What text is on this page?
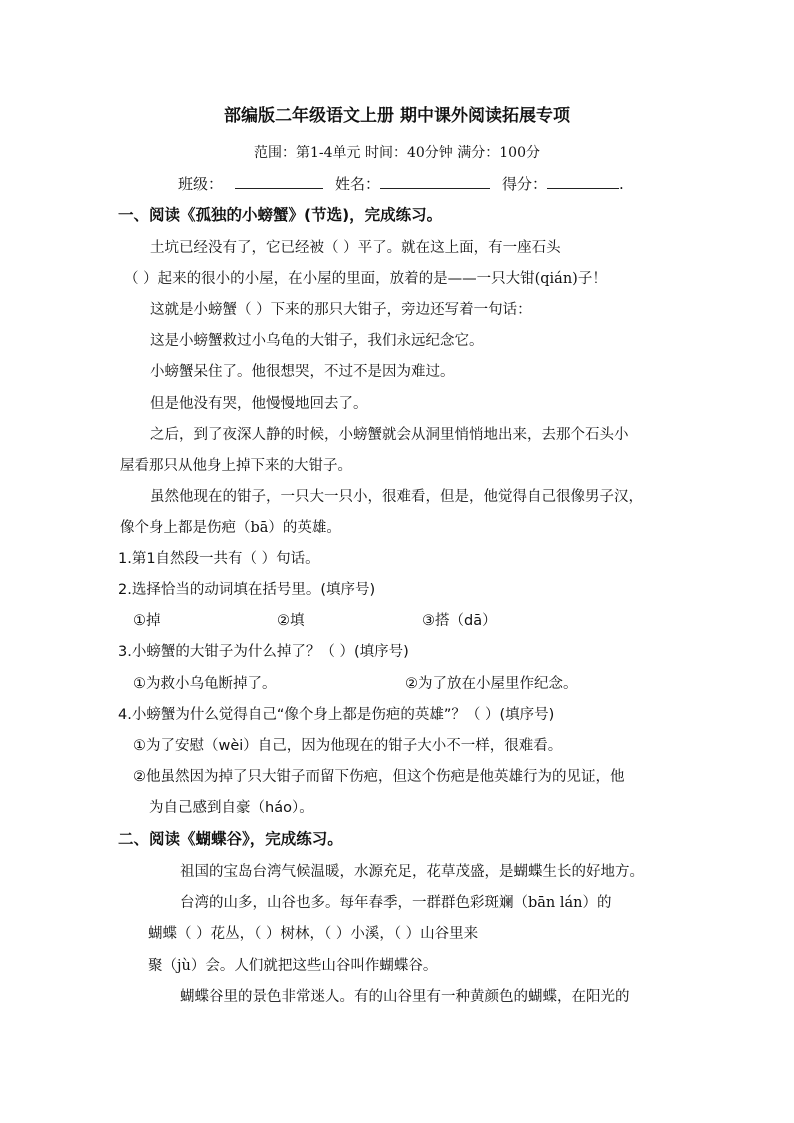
部编版二年级语文上册 期中课外阅读拓展专项
范围：第1-4单元 时间：40分钟 满分：100分
班级：	姓名：	得分：	.
一、阅读《孤独的小螃蟹》(节选)，完成练习。
土坑已经没有了，它已经被（ ）平了。就在这上面，有一座石头
（ ）起来的很小的小屋，在小屋的里面，放着的是——一只大钳(qián)子！
这就是小螃蟹（ ）下来的那只大钳子，旁边还写着一句话：
这是小螃蟹救过小乌龟的大钳子，我们永远纪念它。
小螃蟹呆住了。他很想哭，不过不是因为难过。
但是他没有哭，他慢慢地回去了。
之后，到了夜深人静的时候，小螃蟹就会从洞里悄悄地出来，去那个石头小
屋看那只从他身上掉下来的大钳子。
虽然他现在的钳子，一只大一只小，很难看，但是，他觉得自己很像男子汉，
像个身上都是伤疤（bā）的英雄。
1.第1自然段一共有（ ）句话。
2.选择恰当的动词填在括号里。(填序号)
①掉	②填	③搭（dā）
3.小螃蟹的大钳子为什么掉了？（ ）(填序号)
①为救小乌龟断掉了。	②为了放在小屋里作纪念。
4.小螃蟹为什么觉得自己“像个身上都是伤疤的英雄”？（ ）(填序号)
①为了安慰（wèi）自己，因为他现在的钳子大小不一样，很难看。
②他虽然因为掉了只大钳子而留下伤疤，但这个伤疤是他英雄行为的见证，他
为自己感到自豪（háo）。
二、阅读《蝴蝶谷》，完成练习。
祖国的宝岛台湾气候温暖，水源充足，花草茂盛，是蝴蝶生长的好地方。
台湾的山多，山谷也多。每年春季，一群群色彩斑斓（bān lán）的
蝴蝶（ ）花丛，（ ）树林，（ ）小溪，（ ）山谷里来
聚（jù）会。人们就把这些山谷叫作蝴蝶谷。
蝴蝶谷里的景色非常迷人。有的山谷里有一种黄颜色的蝴蝶，在阳光的
